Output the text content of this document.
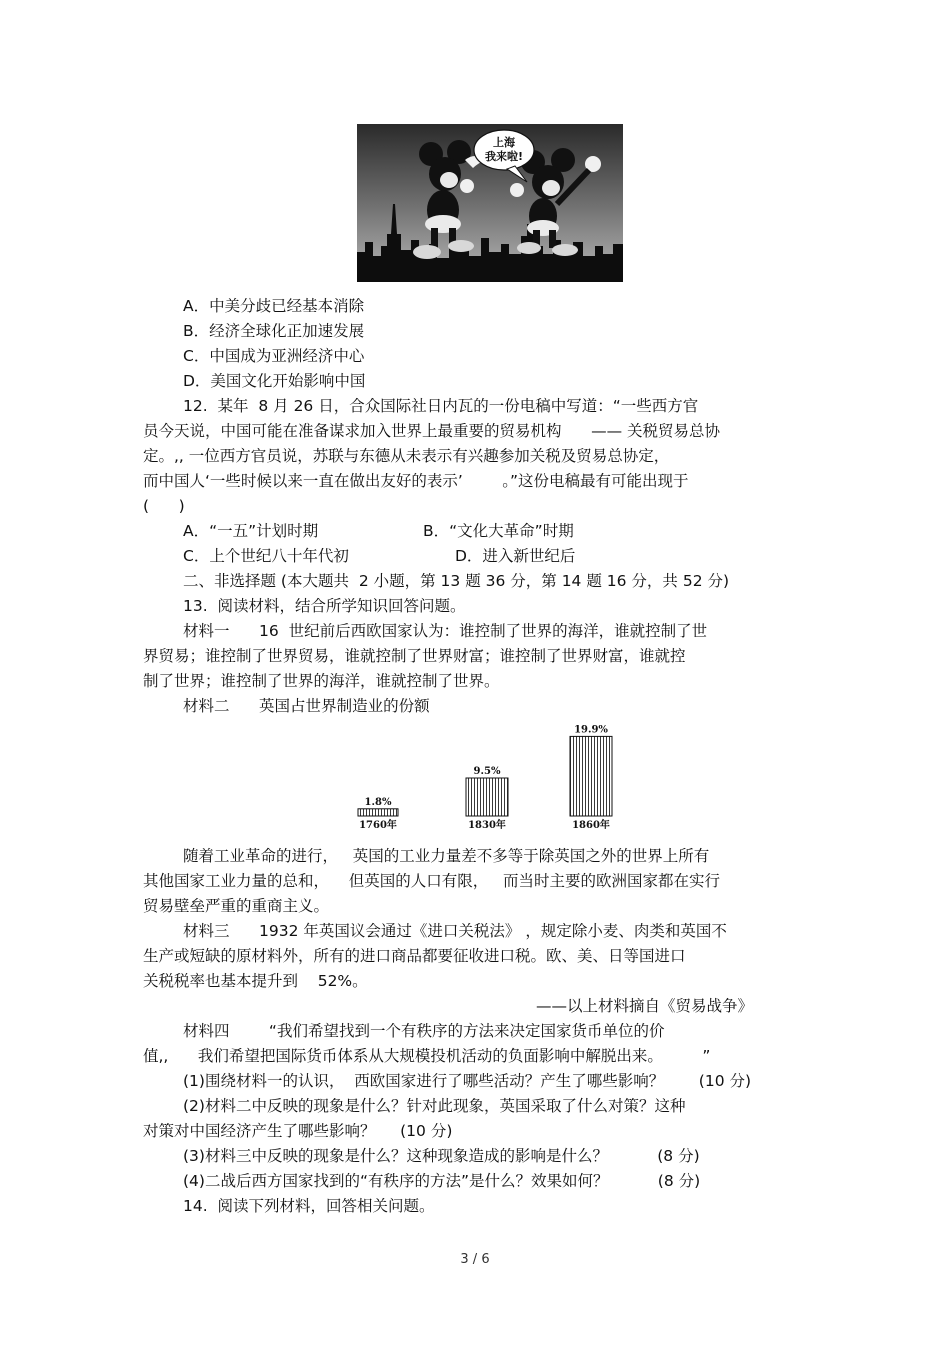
上海
我来啦!
A．中美分歧已经基本消除
B．经济全球化正加速发展
C．中国成为亚洲经济中心
D．美国文化开始影响中国
12.  某年  8 月 26 日，合众国际社日内瓦的一份电稿中写道：“一些西方官
员今天说，中国可能在准备谋求加入世界上最重要的贸易机构      —— 关税贸易总协
定。,, 一位西方官员说，苏联与东德从未表示有兴趣参加关税及贸易总协定，
而中国人‘一些时候以来一直在做出友好的表示’        。”这份电稿最有可能出现于
(      )
A．“一五”计划时期	B．“文化大革命”时期
C．上个世纪八十年代初	D．进入新世纪后
二、非选择题 (本大题共  2 小题，第 13 题 36 分，第 14 题 16 分，共 52 分)
13.  阅读材料，结合所学知识回答问题。
材料一      16  世纪前后西欧国家认为：谁控制了世界的海洋，谁就控制了世
界贸易；谁控制了世界贸易，谁就控制了世界财富；谁控制了世界财富，谁就控
制了世界；谁控制了世界的海洋，谁就控制了世界。
材料二      英国占世界制造业的份额
1.8%
1760年
9.5%
1830年
19.9%
1860年
随着工业革命的进行，   英国的工业力量差不多等于除英国之外的世界上所有
其他国家工业力量的总和，    但英国的人口有限，   而当时主要的欧洲国家都在实行
贸易壁垒严重的重商主义。
材料三      1932 年英国议会通过《进口关税法》 ，规定除小麦、肉类和英国不
生产或短缺的原材料外，所有的进口商品都要征收进口税。欧、美、日等国进口
关税税率也基本提升到    52%。
——以上材料摘自《贸易战争》
材料四        “我们希望找到一个有秩序的方法来决定国家货币单位的价
值,,      我们希望把国际货币体系从大规模投机活动的负面影响中解脱出来。        ”
(1)围绕材料一的认识，  西欧国家进行了哪些活动？产生了哪些影响？       (10 分)
(2)材料二中反映的现象是什么？针对此现象，英国采取了什么对策？这种
对策对中国经济产生了哪些影响？     (10 分)
(3)材料三中反映的现象是什么？这种现象造成的影响是什么？          (8 分)
(4)二战后西方国家找到的“有秩序的方法”是什么？效果如何？          (8 分)
14.  阅读下列材料，回答相关问题。
3 / 6
